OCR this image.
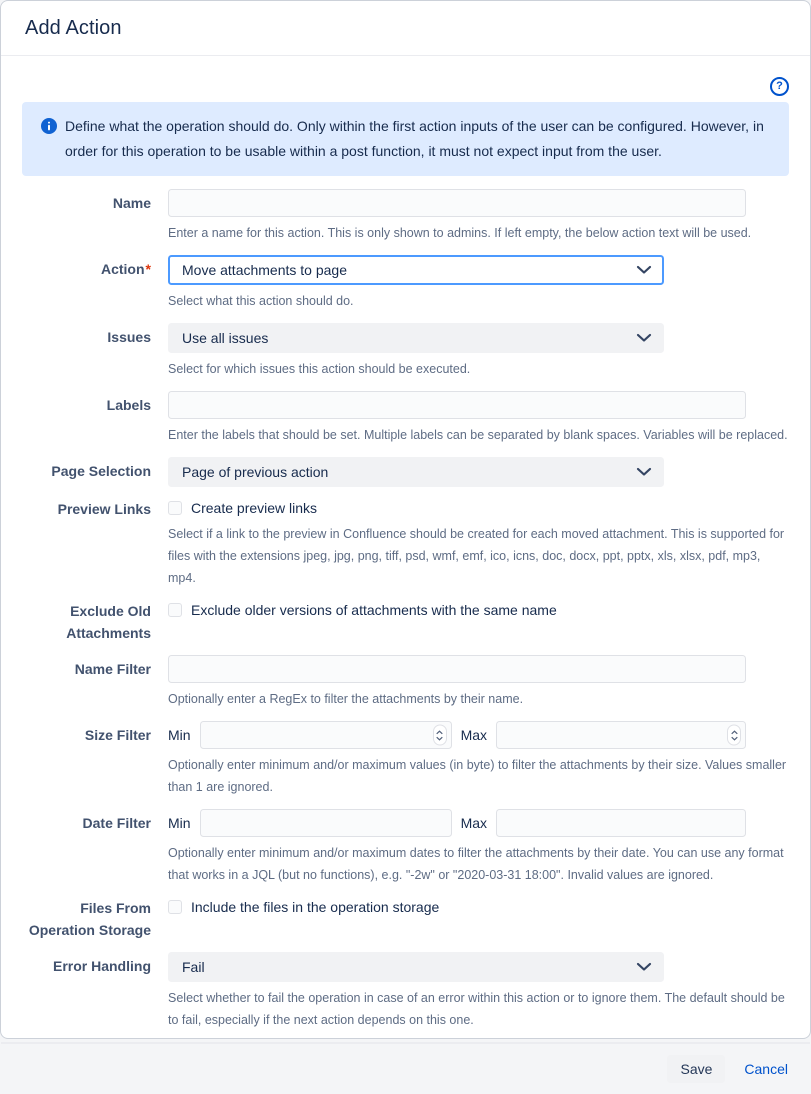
Add Action
?

Define what the operation should do. Only within the first action inputs of the user can be configured. However, in order for this operation to be usable within a post function, it must not expect input from the user.

Name
Enter a name for this action. This is only shown to admins. If left empty, the below action text will be used.
Action* Move attachments to page
Select what this action should do.
Issues Use all issues
Select for which issues this action should be executed.
Labels
Enter the labels that should be set. Multiple labels can be separated by blank spaces. Variables will be replaced.
Page Selection Page of previous action
Preview Links	Create preview links
Select if a link to the preview in Confluence should be created for each moved attachment. This is supported for files with the extensions jpeg, jpg, png, tiff, psd, wmf, emf, ico, icns, doc, docx, ppt, pptx, xls, xlsx, pdf, mp3, mp4.
Exclude Old Attachments
Exclude older versions of attachments with the same name
Name Filter
Optionally enter a RegEx to filter the attachments by their name.
Size Filter Min	Max
Optionally enter minimum and/or maximum values (in byte) to filter the attachments by their size. Values smaller than 1 are ignored.
Date Filter Min	Max
Optionally enter minimum and/or maximum dates to filter the attachments by their date. You can use any format that works in a JQL (but no functions), e.g. "-2w" or "2020-03-31 18:00". Invalid values are ignored.
Files From Operation Storage
Include the files in the operation storage
Error Handling Fail
Select whether to fail the operation in case of an error within this action or to ignore them. The default should be to fail, especially if the next action depends on this one.
Save	Cancel
